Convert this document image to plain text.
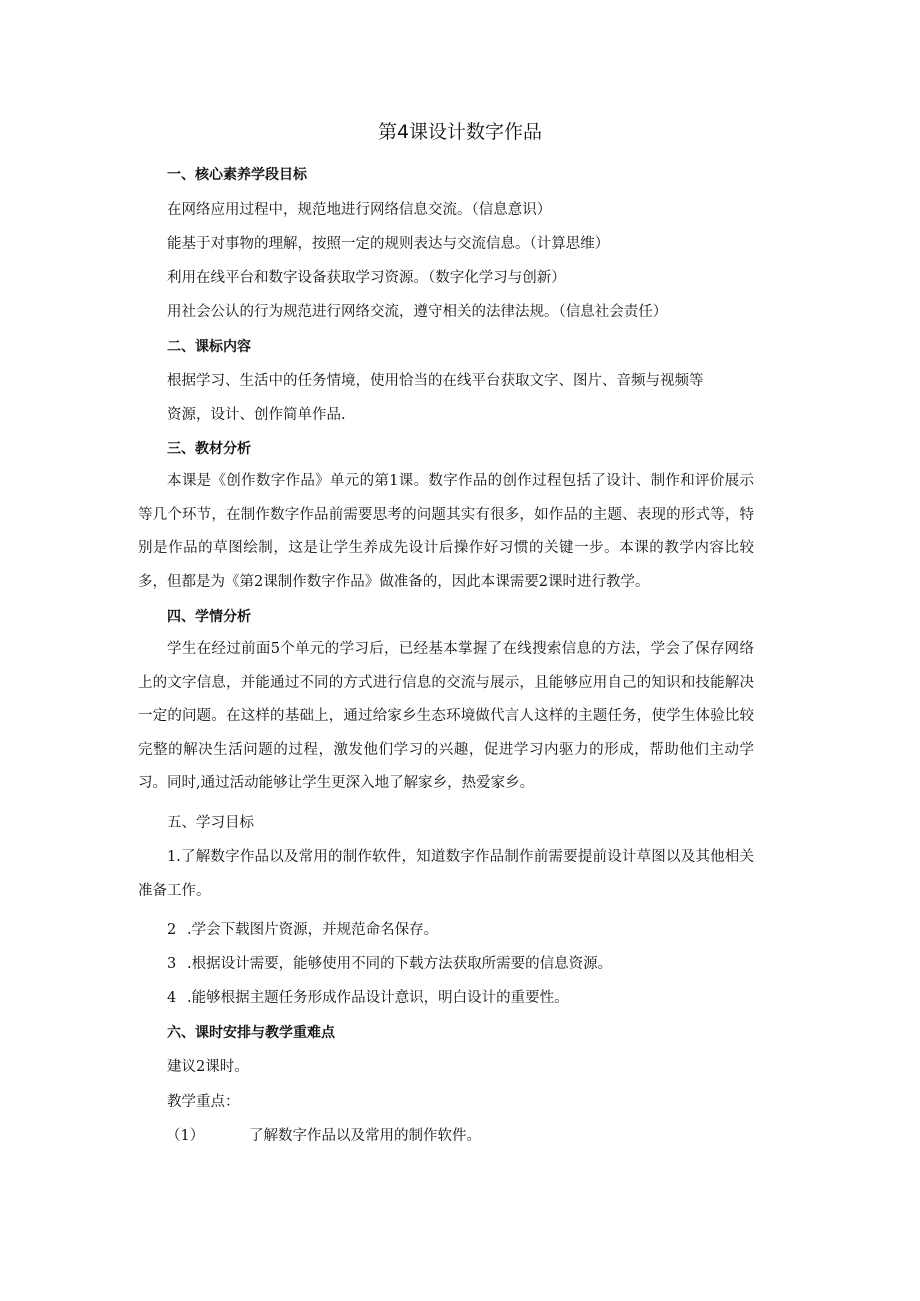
第4课设计数字作品

一、核心素养学段目标

在网络应用过程中，规范地进行网络信息交流。（信息意识）

能基于对事物的理解，按照一定的规则表达与交流信息。（计算思维）

利用在线平台和数字设备获取学习资源。（数字化学习与创新）

用社会公认的行为规范进行网络交流，遵守相关的法律法规。（信息社会责任）

二、课标内容

根据学习、生活中的任务情境，使用恰当的在线平台获取文字、图片、音频与视频等

资源，设计、创作简单作品.

三、教材分析

本课是《创作数字作品》单元的第1课。数字作品的创作过程包括了设计、制作和评价展示等几个环节，在制作数字作品前需要思考的问题其实有很多，如作品的主题、表现的形式等，特别是作品的草图绘制，这是让学生养成先设计后操作好习惯的关键一步。本课的教学内容比较多，但都是为《第2课制作数字作品》做准备的，因此本课需要2课时进行教学。

四、学情分析

学生在经过前面5个单元的学习后，已经基本掌握了在线搜索信息的方法，学会了保存网络上的文字信息，并能通过不同的方式进行信息的交流与展示，且能够应用自己的知识和技能解决一定的问题。在这样的基础上，通过给家乡生态环境做代言人这样的主题任务，使学生体验比较完整的解决生活问题的过程，激发他们学习的兴趣，促进学习内驱力的形成，帮助他们主动学习。同时,通过活动能够让学生更深入地了解家乡，热爱家乡。

五、学习目标

1.了解数字作品以及常用的制作软件，知道数字作品制作前需要提前设计草图以及其他相关准备工作。

2 .学会下载图片资源，并规范命名保存。

3 .根据设计需要，能够使用不同的下载方法获取所需要的信息资源。

4 .能够根据主题任务形成作品设计意识，明白设计的重要性。

六、课时安排与教学重难点

建议2课时。

教学重点：

（1）	了解数字作品以及常用的制作软件。
